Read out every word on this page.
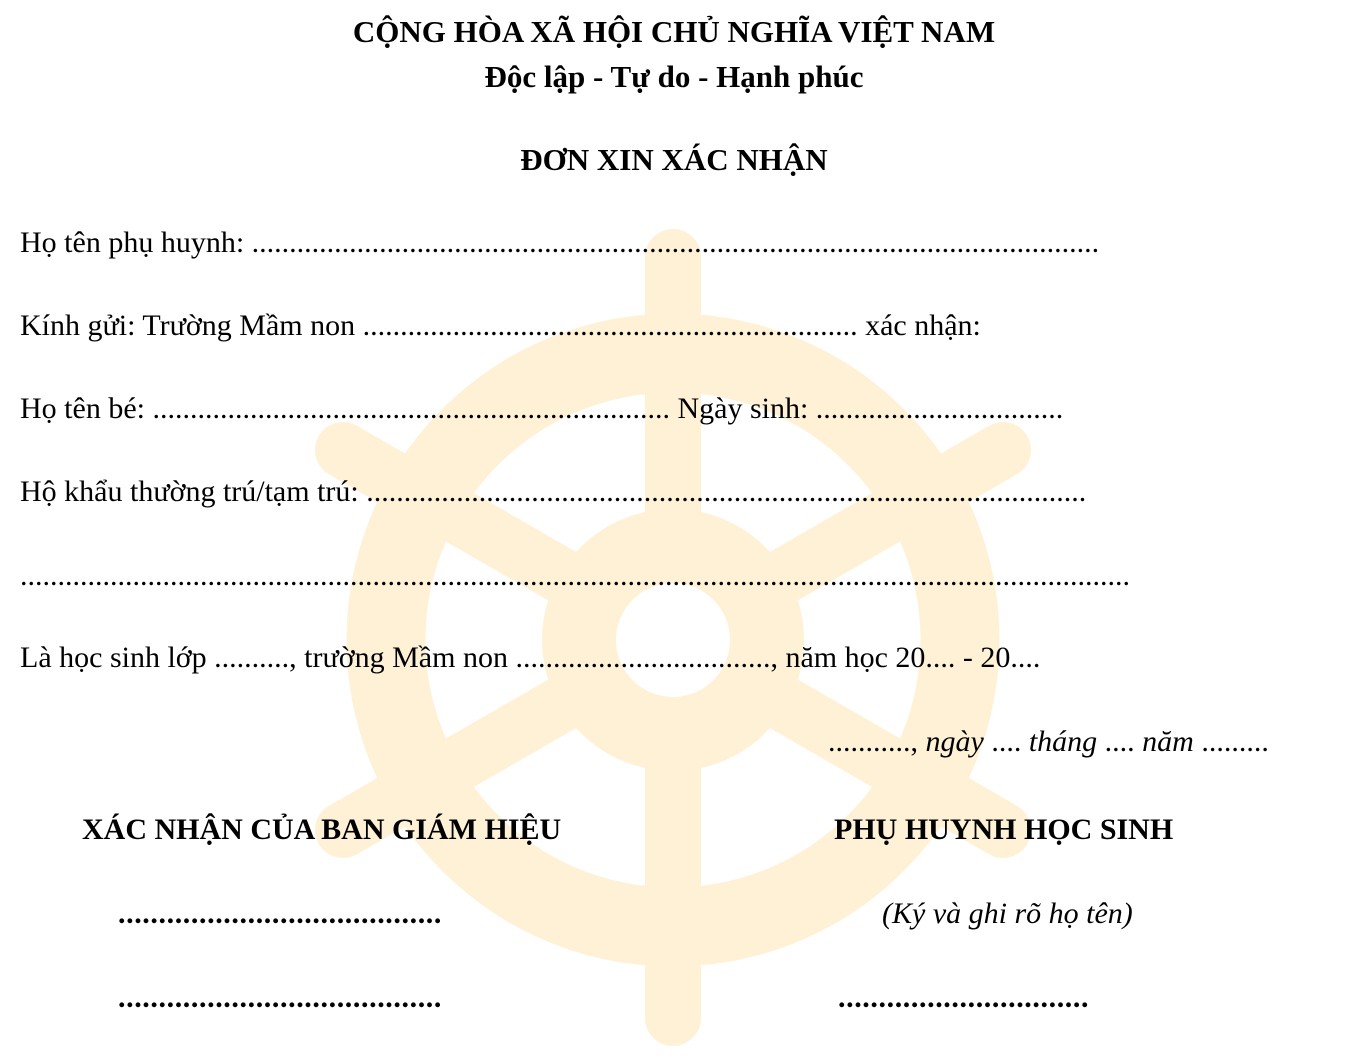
CỘNG HÒA XÃ HỘI CHỦ NGHĨA VIỆT NAM
Độc lập - Tự do - Hạnh phúc
ĐƠN XIN XÁC NHẬN
Họ tên phụ huynh: .................................................................................................................
Kính gửi: Trường Mầm non .................................................................. xác nhận:
Họ tên bé: ..................................................................... Ngày sinh: .................................
Hộ khẩu thường trú/tạm trú: ................................................................................................
....................................................................................................................................................
Là học sinh lớp .........., trường Mầm non .................................., năm học 20.... - 20....
..........., ngày .... tháng .... năm .........
XÁC NHẬN CỦA BAN GIÁM HIỆU
........................................
........................................
PHỤ HUYNH HỌC SINH
(Ký và ghi rõ họ tên)
...............................
